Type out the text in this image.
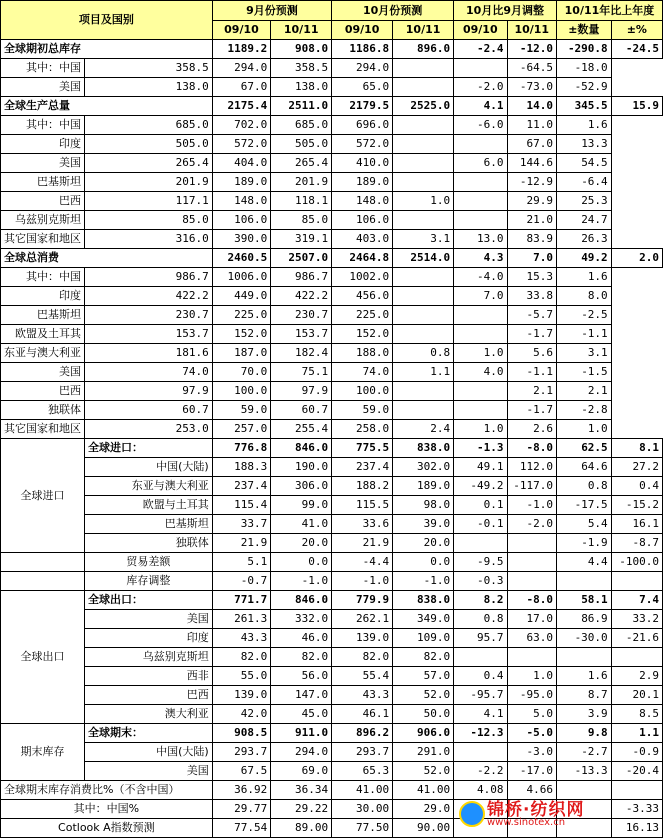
项目及国别		9月份预测		10月份预测		10月比9月调整		10/11年比上年度	
		09/10	10/11	09/10	10/11	09/10	10/11	±数量	±%
全球期初总库存		1189.2	908.0	1186.8	896.0	-2.4	-12.0	-290.8	-24.5
其中：中国	358.5	294.0	358.5	294.0			-64.5	-18.0	
美国	138.0	67.0	138.0	65.0		-2.0	-73.0	-52.9	
全球生产总量		2175.4	2511.0	2179.5	2525.0	4.1	14.0	345.5	15.9
其中：中国	685.0	702.0	685.0	696.0		-6.0	11.0	1.6	
印度	505.0	572.0	505.0	572.0			67.0	13.3	
美国	265.4	404.0	265.4	410.0		6.0	144.6	54.5	
巴基斯坦	201.9	189.0	201.9	189.0			-12.9	-6.4	
巴西	117.1	148.0	118.1	148.0	1.0		29.9	25.3	
乌兹别克斯坦	85.0	106.0	85.0	106.0			21.0	24.7	
其它国家和地区	316.0	390.0	319.1	403.0	3.1	13.0	83.9	26.3	
全球总消费		2460.5	2507.0	2464.8	2514.0	4.3	7.0	49.2	2.0
其中：中国	986.7	1006.0	986.7	1002.0		-4.0	15.3	1.6	
印度	422.2	449.0	422.2	456.0		7.0	33.8	8.0	
巴基斯坦	230.7	225.0	230.7	225.0			-5.7	-2.5	
欧盟及土耳其	153.7	152.0	153.7	152.0			-1.7	-1.1	
东亚与澳大利亚	181.6	187.0	182.4	188.0	0.8	1.0	5.6	3.1	
美国	74.0	70.0	75.1	74.0	1.1	4.0	-1.1	-1.5	
巴西	97.9	100.0	97.9	100.0			2.1	2.1	
独联体	60.7	59.0	60.7	59.0			-1.7	-2.8	
其它国家和地区	253.0	257.0	255.4	258.0	2.4	1.0	2.6	1.0	
全球进口	全球进口：	776.8	846.0	775.5	838.0	-1.3	-8.0	62.5	8.1
	中国(大陆)	188.3	190.0	237.4	302.0	49.1	112.0	64.6	27.2
	东亚与澳大利亚	237.4	306.0	188.2	189.0	-49.2	-117.0	0.8	0.4
	欧盟与土耳其	115.4	99.0	115.5	98.0	0.1	-1.0	-17.5	-15.2
	巴基斯坦	33.7	41.0	33.6	39.0	-0.1	-2.0	5.4	16.1
	独联体	21.9	20.0	21.9	20.0			-1.9	-8.7
	贸易差额	5.1	0.0	-4.4	0.0	-9.5		4.4	-100.0
	库存调整	-0.7	-1.0	-1.0	-1.0	-0.3			
全球出口	全球出口：	771.7	846.0	779.9	838.0	8.2	-8.0	58.1	7.4
	美国	261.3	332.0	262.1	349.0	0.8	17.0	86.9	33.2
	印度	43.3	46.0	139.0	109.0	95.7	63.0	-30.0	-21.6
	乌兹别克斯坦	82.0	82.0	82.0	82.0				
	西非	55.0	56.0	55.4	57.0	0.4	1.0	1.6	2.9
	巴西	139.0	147.0	43.3	52.0	-95.7	-95.0	8.7	20.1
	澳大利亚	42.0	45.0	46.1	50.0	4.1	5.0	3.9	8.5
期末库存	全球期末：	908.5	911.0	896.2	906.0	-12.3	-5.0	9.8	1.1
	中国(大陆)	293.7	294.0	293.7	291.0		-3.0	-2.7	-0.9
	美国	67.5	69.0	65.3	52.0	-2.2	-17.0	-13.3	-20.4
全球期末库存消费比%（不含中国）		36.92	36.34	41.00	41.00	4.08	4.66		
其中：中国%		29.77	29.22	30.00	29.0				-3.33
Cotlook A指数预测		77.54	89.00	77.50	90.00				16.13
锦桥·纺织网
www.sinotex.cn
